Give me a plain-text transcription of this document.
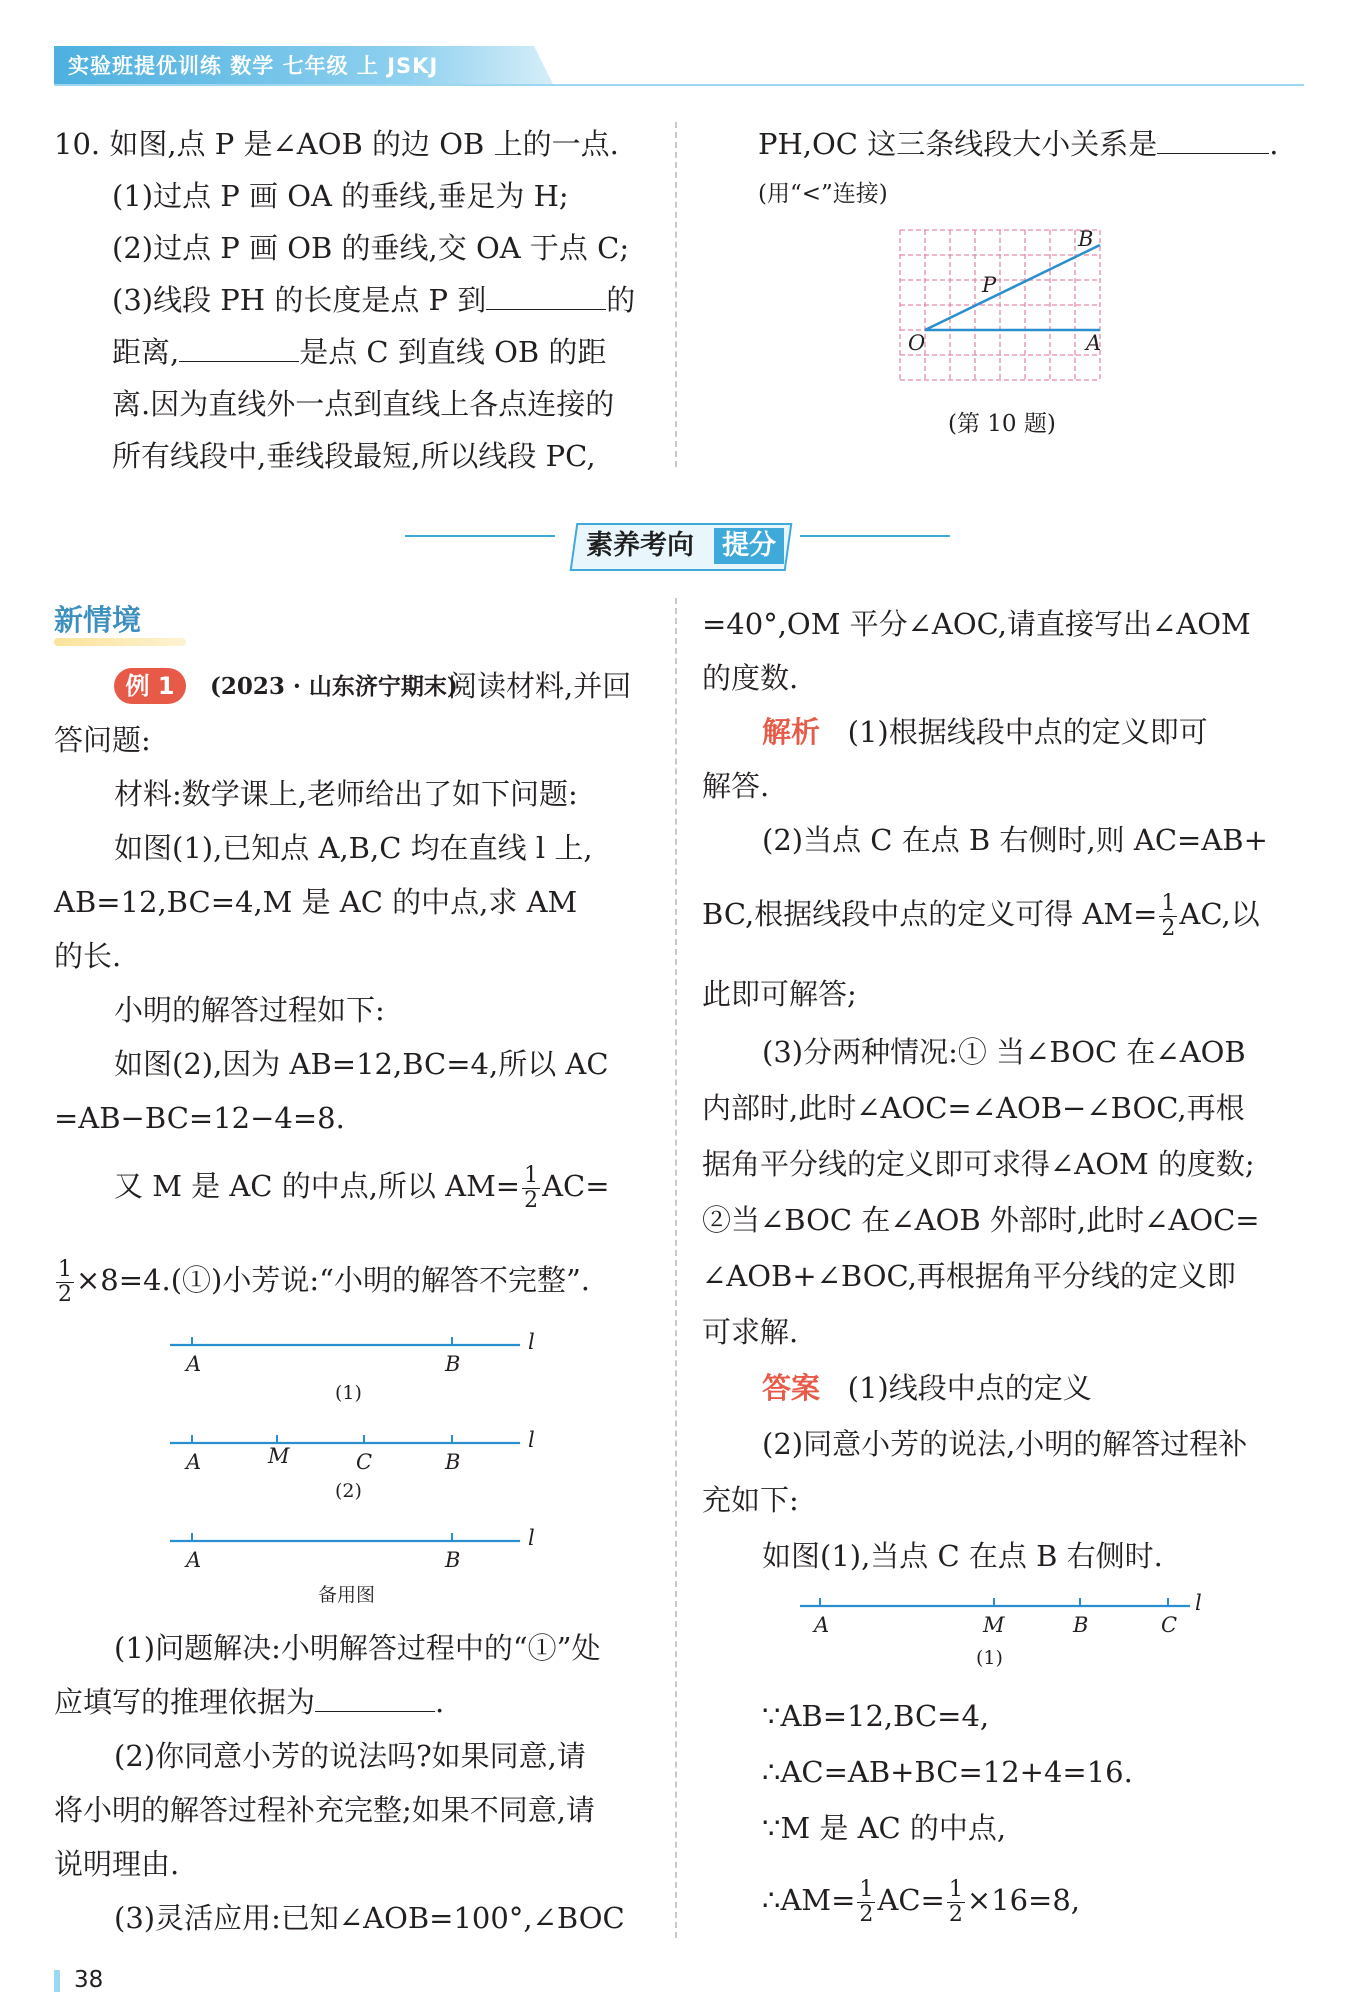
实验班提优训练 数学 七年级 上 JSKJ
10. 如图,点 P 是∠AOB 的边 OB 上的一点.
(1)过点 P 画 OA 的垂线,垂足为 H;
(2)过点 P 画 OB 的垂线,交 OA 于点 C;
(3)线段 PH 的长度是点 P 到	的
距离,	是点 C 到直线 OB 的距
离.因为直线外一点到直线上各点连接的
所有线段中,垂线段最短,所以线段 PC,
PH,OC 这三条线段大小关系是	.
(用“<”连接)
B
P
O	A
(第 10 题)
素养考向 提分
新情境
例 1	(2023 · 山东济宁期末)
阅读材料,并回
答问题:
材料:数学课上,老师给出了如下问题:
如图(1),已知点 A,B,C 均在直线 l 上,
AB=12,BC=4,M 是 AC 的中点,求 AM
的长.
小明的解答过程如下:
如图(2),因为 AB=12,BC=4,所以 AC
=AB−BC=12−4=8.
又 M 是 AC 的中点,所以 $AM= \frac{1}{2} AC=$
$\frac{1}{2}$ ×8=4.(①)小芳说:“小明的解答不完整”.
A	B
l
(1)
A	M	C	B
l
(2)
A	B
l
备用图
(1)问题解决:小明解答过程中的“①”处
应填写的推理依据为	.
(2)你同意小芳的说法吗?如果同意,请
将小明的解答过程补充完整;如果不同意,请
说明理由.
(3)灵活应用:已知∠AOB=100°,∠BOC
=40°,OM 平分∠AOC,请直接写出∠AOM
的度数.
解析 (1)根据线段中点的定义即可
解答.
(2)当点 C 在点 B 右侧时,则 AC=AB+
BC,根据线段中点的定义可得 $AM= \frac{1}{2}$ AC,以
此即可解答;
(3)分两种情况:① 当∠BOC 在∠AOB
内部时,此时∠AOC=∠AOB−∠BOC,再根
据角平分线的定义即可求得∠AOM 的度数;
②当∠BOC 在∠AOB 外部时,此时∠AOC=
∠AOB+∠BOC,再根据角平分线的定义即
可求解.
答案 (1)线段中点的定义
(2)同意小芳的说法,小明的解答过程补
充如下:
如图(1),当点 C 在点 B 右侧时.
A	M	B	C
l
(1)
∵AB=12,BC=4,
∴AC=AB+BC=12+4=16.
∵M 是 AC 的中点,
∴AM= $\frac{1}{2} AC= \frac{1}{2} \times 16=8$,
38
